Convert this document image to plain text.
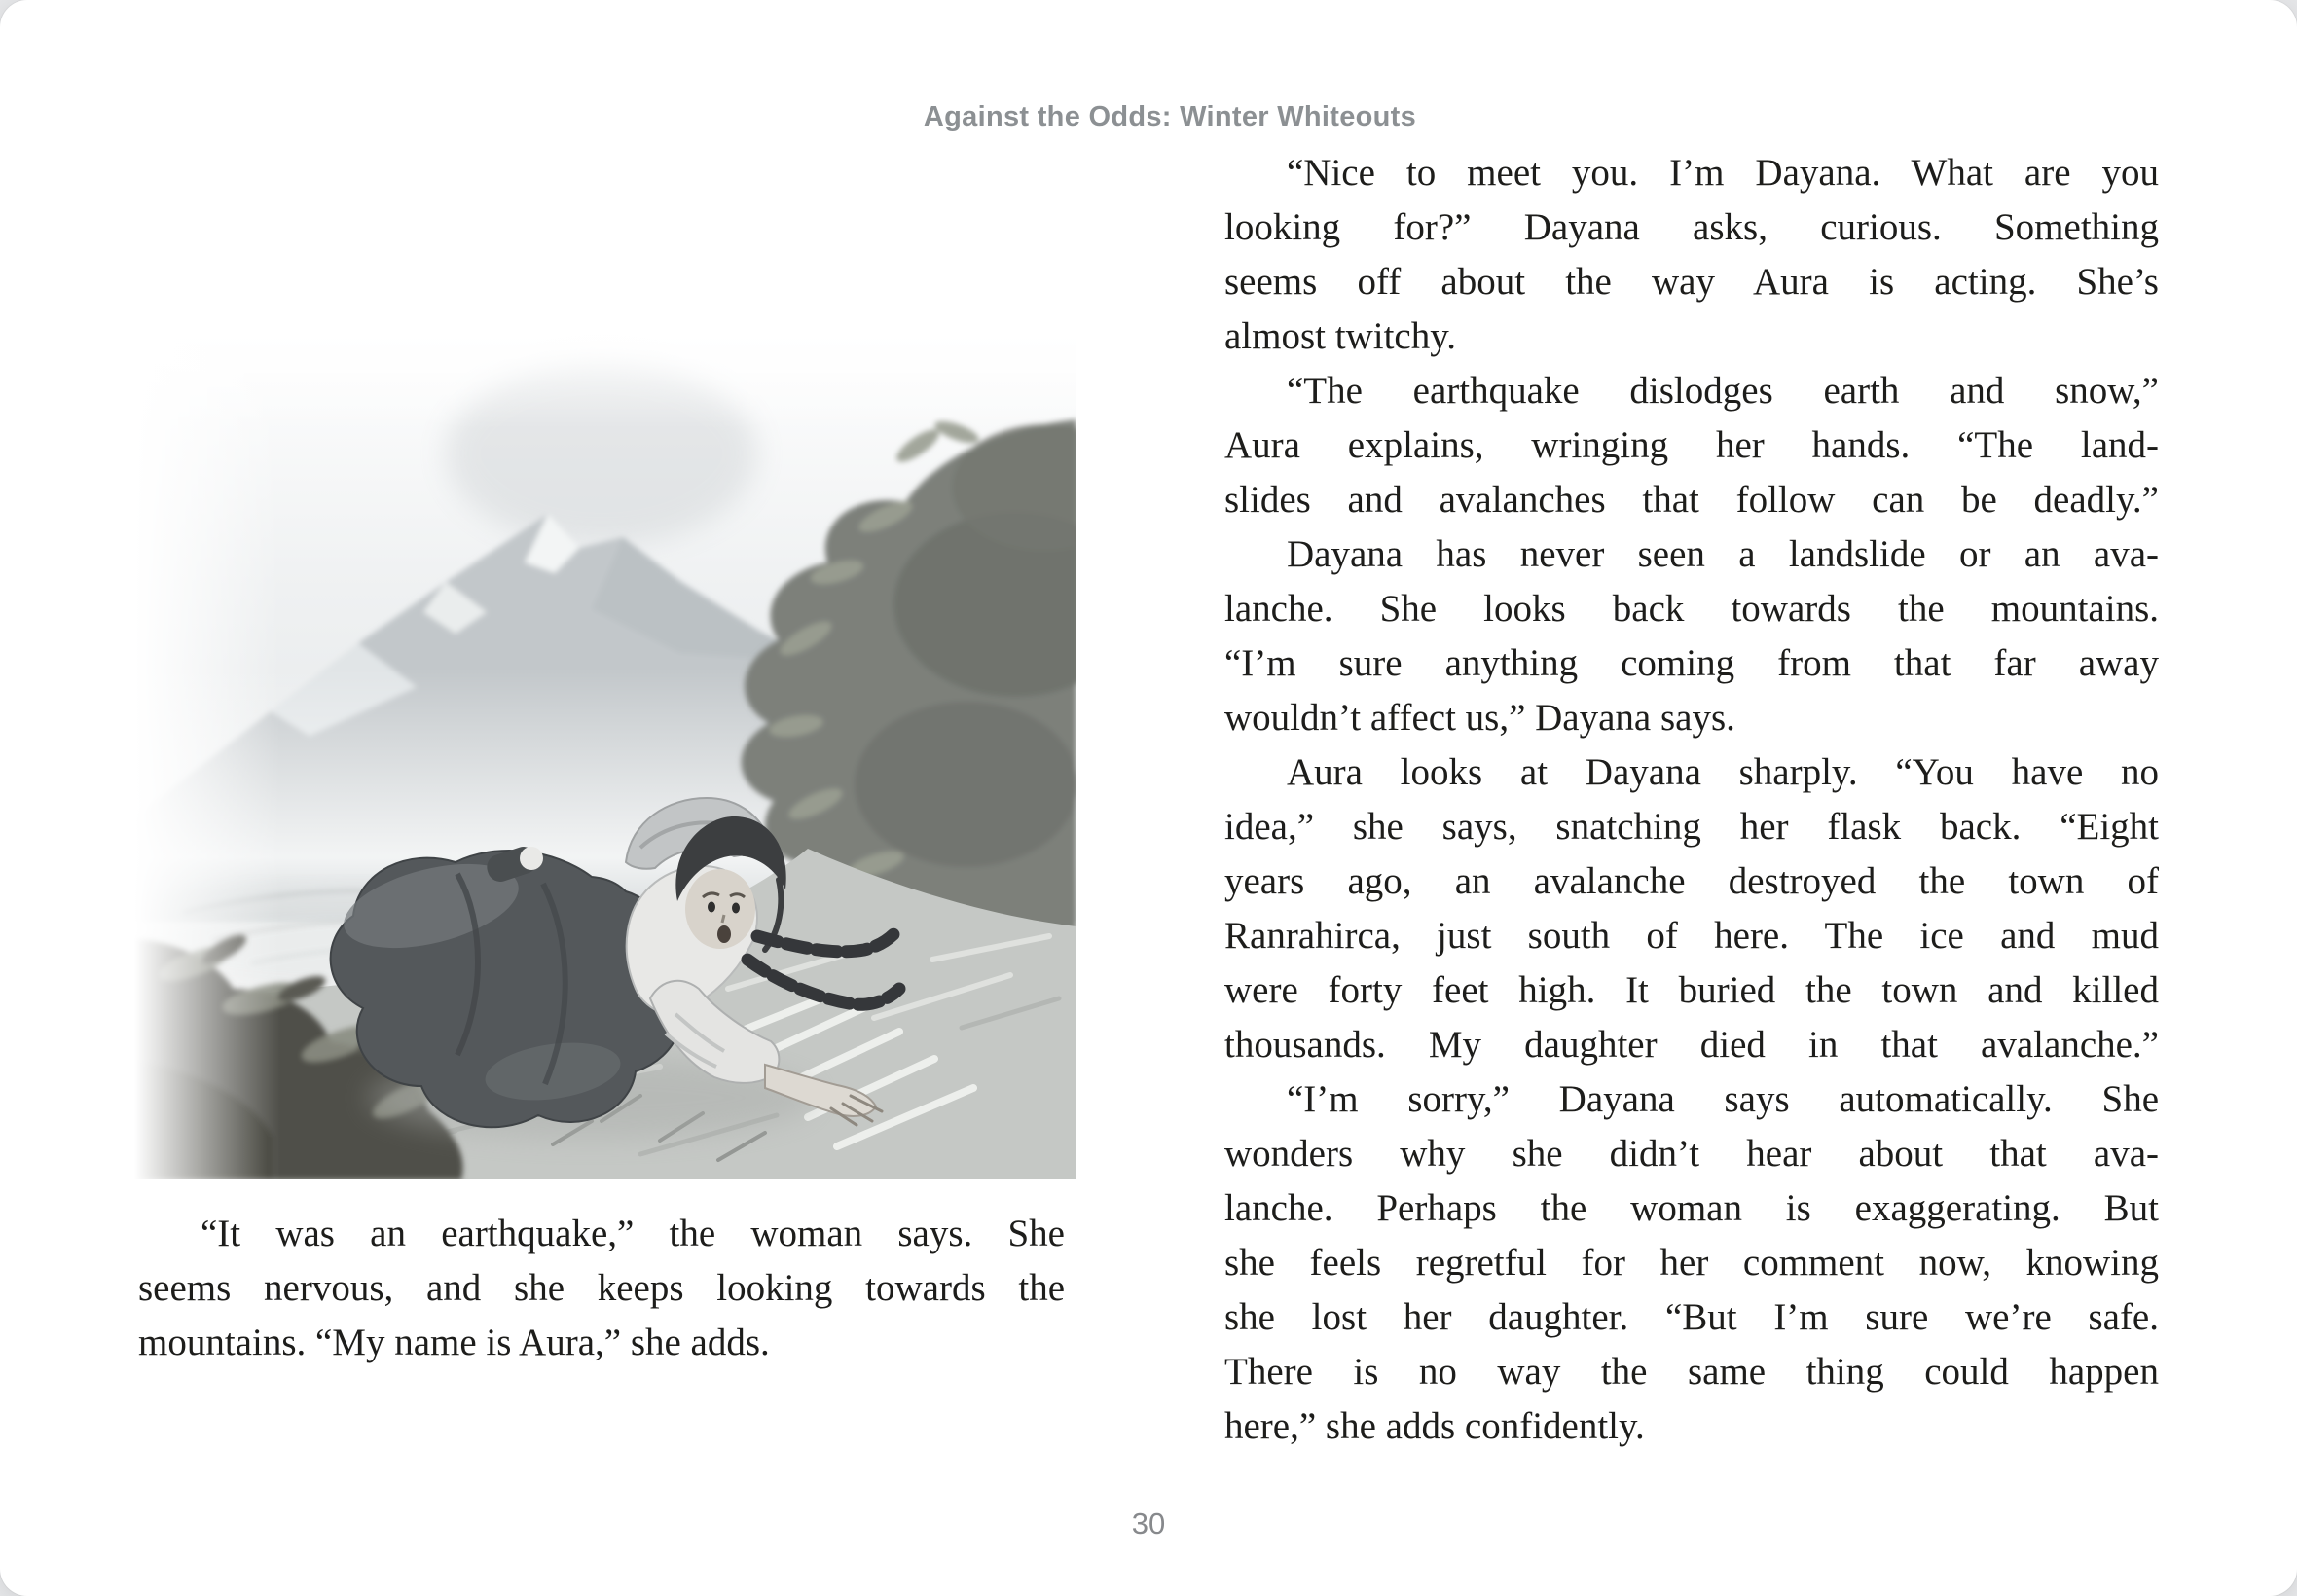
Against the Odds: Winter Whiteouts
“It was an earthquake,” the woman says. She
seems nervous, and she keeps looking towards the
mountains. “My name is Aura,” she adds.
“Nice to meet you. I’m Dayana. What are you
looking for?” Dayana asks, curious. Something
seems off about the way Aura is acting. She’s
almost twitchy.
“The earthquake dislodges earth and snow,”
Aura explains, wringing her hands. “The land-
slides and avalanches that follow can be deadly.”
Dayana has never seen a landslide or an ava-
lanche. She looks back towards the mountains.
“I’m sure anything coming from that far away
wouldn’t affect us,” Dayana says.
Aura looks at Dayana sharply. “You have no
idea,” she says, snatching her flask back. “Eight
years ago, an avalanche destroyed the town of
Ranrahirca, just south of here. The ice and mud
were forty feet high. It buried the town and killed
thousands. My daughter died in that avalanche.”
“I’m sorry,” Dayana says automatically. She
wonders why she didn’t hear about that ava-
lanche. Perhaps the woman is exaggerating. But
she feels regretful for her comment now, knowing
she lost her daughter. “But I’m sure we’re safe.
There is no way the same thing could happen
here,” she adds confidently.
30
